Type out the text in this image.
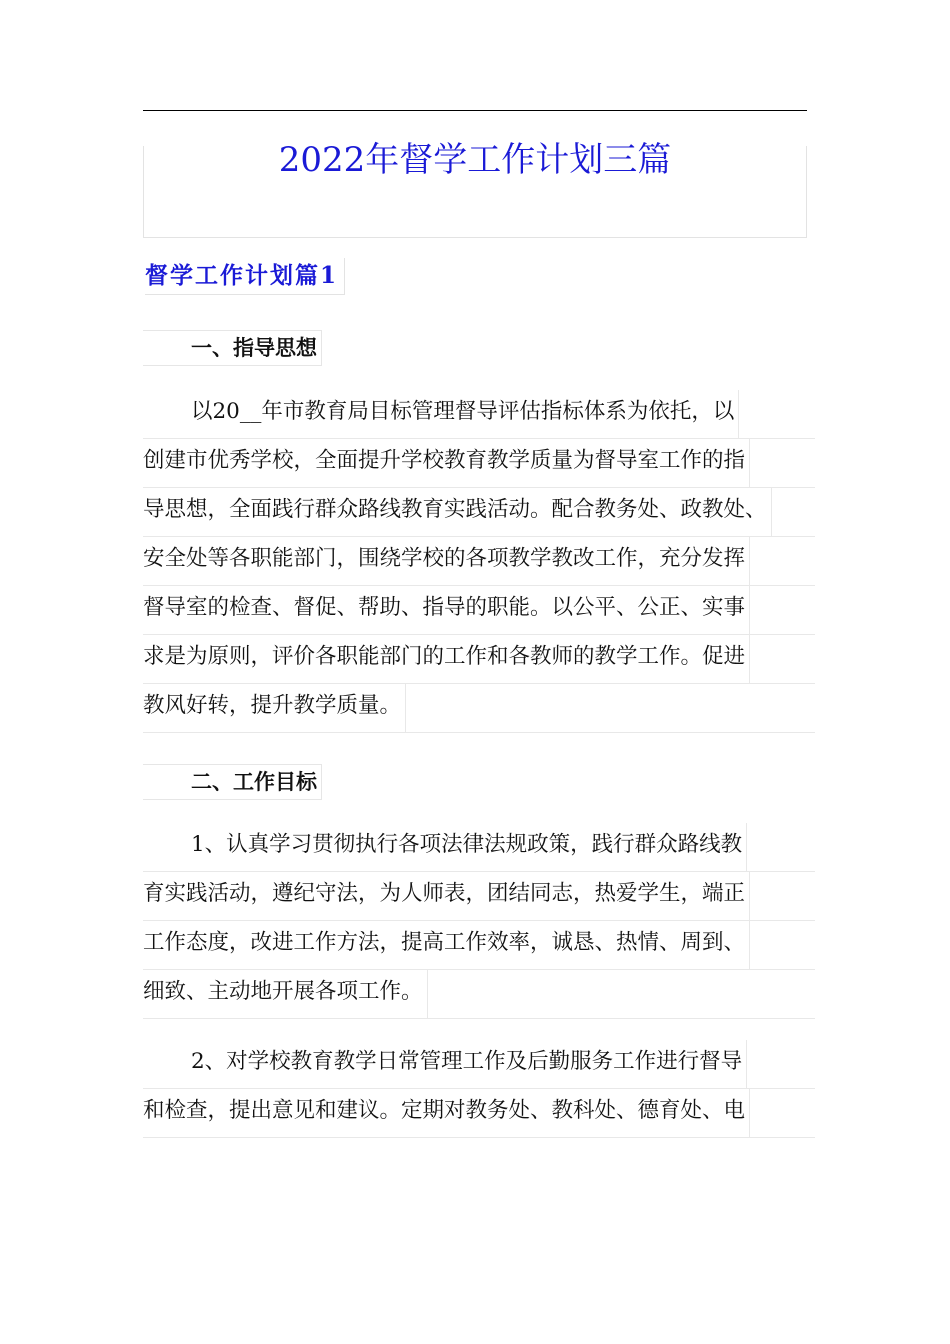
2022年督学工作计划三篇
督学工作计划篇1
一、指导思想
以20__年市教育局目标管理督导评估指标体系为依托，以
创建市优秀学校，全面提升学校教育教学质量为督导室工作的指
导思想，全面践行群众路线教育实践活动。配合教务处、政教处、
安全处等各职能部门，围绕学校的各项教学教改工作，充分发挥
督导室的检查、督促、帮助、指导的职能。以公平、公正、实事
求是为原则，评价各职能部门的工作和各教师的教学工作。促进
教风好转，提升教学质量。
二、工作目标
1、认真学习贯彻执行各项法律法规政策，践行群众路线教
育实践活动，遵纪守法，为人师表，团结同志，热爱学生，端正
工作态度，改进工作方法，提高工作效率，诚恳、热情、周到、
细致、主动地开展各项工作。
2、对学校教育教学日常管理工作及后勤服务工作进行督导
和检查，提出意见和建议。定期对教务处、教科处、德育处、电
